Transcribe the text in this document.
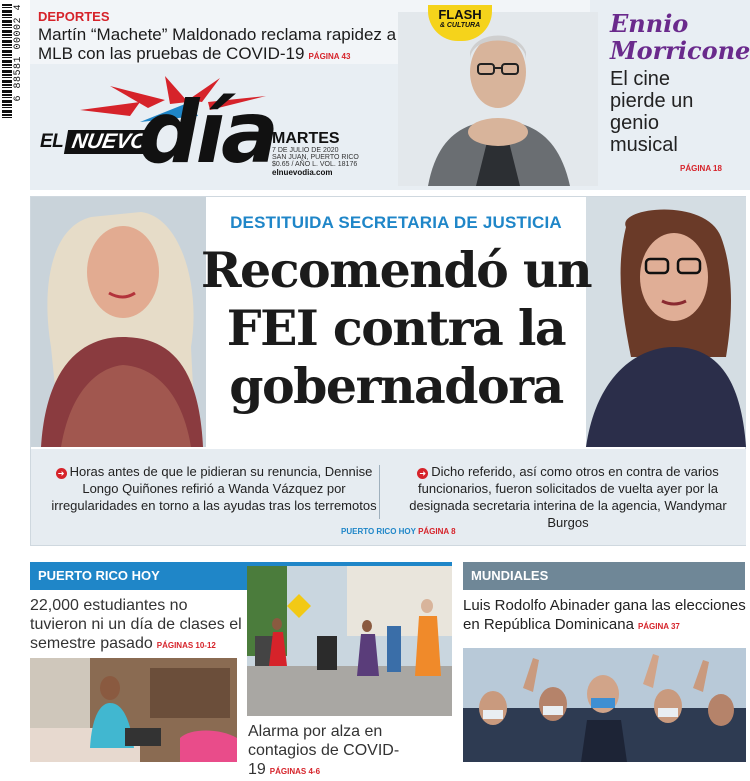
6 88581 00002 4 DEPORTES
Martín “Machete” Maldonado reclama rapidez a MLB con las pruebas de COVID-19 PÁGINA 43
EL NUEVO
día
MARTES
7 DE JULIO DE 2020
SAN JUAN, PUERTO RICO
$0.65 / AÑO L. VOL. 18176
elnuevodia.com
FLASH
& CULTURA	Ennio Morricone
El cine pierde un genio musical
PÁGINA 18
DESTITUIDA SECRETARIA DE JUSTICIA
Recomendó un FEI contra la gobernadora
➜ Horas antes de que le pidieran su renuncia, Dennise Longo Quiñones refirió a Wanda Vázquez por irregularidades en torno a las ayudas tras los terremotos
➜ Dicho referido, así como otros en contra de varios funcionarios, fueron solicitados de vuelta ayer por la designada secretaria interina de la agencia, Wandymar Burgos
PUERTO RICO HOY PÁGINA 8
PUERTO RICO HOY
22,000 estudiantes no tuvieron ni un día de clases el semestre pasado PÁGINAS 10-12
Alarma por alza en contagios de COVID-19 PÁGINAS 4-6
MUNDIALES
Luis Rodolfo Abinader gana las elecciones en República Dominicana PÁGINA 37
